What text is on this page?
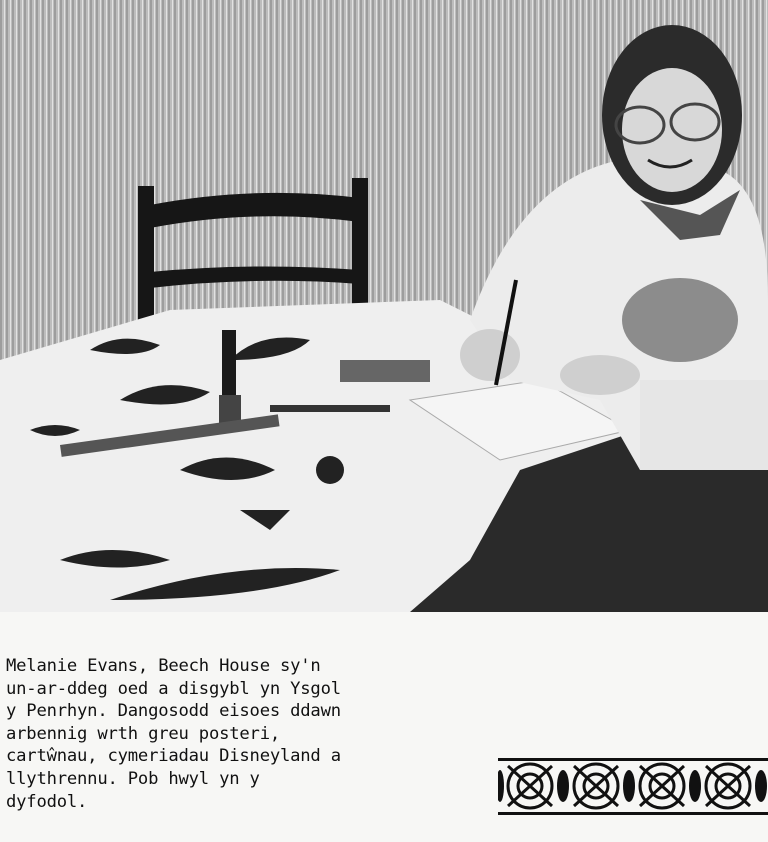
Melanie Evans, Beech House sy'n
un-ar-ddeg oed a disgybl yn Ysgol
y Penrhyn. Dangosodd eisoes ddawn
arbennig wrth greu posteri,
cartŵnau, cymeriadau Disneyland a
llythrennu. Pob hwyl yn y
dyfodol.
